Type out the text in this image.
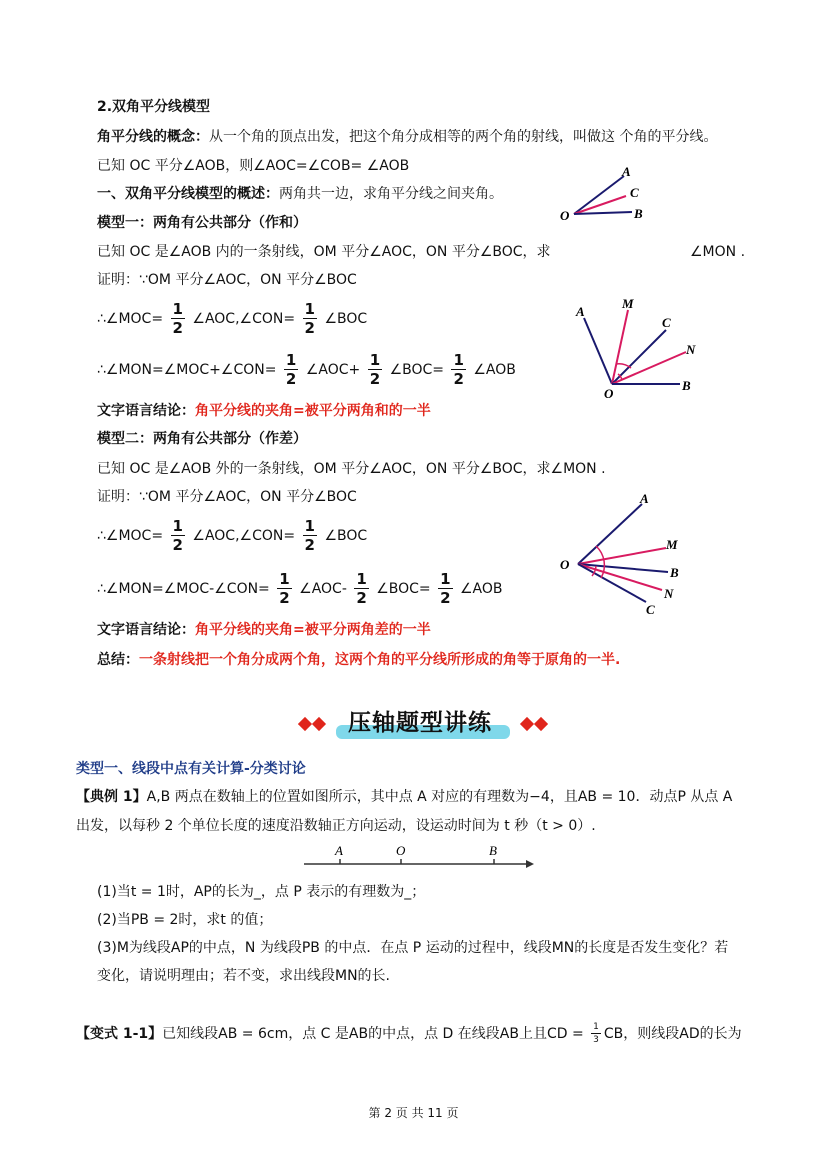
2.双角平分线模型
角平分线的概念：从一个角的顶点出发，把这个角分成相等的两个角的射线，叫做这 个角的平分线。
已知 OC 平分∠AOB，则∠AOC=∠COB= ∠AOB
一、双角平分线模型的概述：两角共一边，求角平分线之间夹角。
模型一：两角有公共部分（作和）
已知 OC 是∠AOB 内的一条射线，OM 平分∠AOC，ON 平分∠BOC，求	∠MON .
证明：∵OM 平分∠AOC，ON 平分∠BOC
∴∠MOC= $\frac{1}{2}$ ∠AOC,∠CON= $\frac{1}{2}$ ∠BOC
∴∠MON=∠MOC+∠CON= $\frac{1}{2}$ ∠AOC+ $\frac{1}{2}$ ∠BOC= $\frac{1}{2}$ ∠AOB
文字语言结论：角平分线的夹角=被平分两角和的一半
模型二：两角有公共部分（作差）
已知 OC 是∠AOB 外的一条射线，OM 平分∠AOC，ON 平分∠BOC，求∠MON .
证明：∵OM 平分∠AOC，ON 平分∠BOC
∴∠MOC= $\frac{1}{2}$ ∠AOC,∠CON= $\frac{1}{2}$ ∠BOC
∴∠MON=∠MOC-∠CON= $\frac{1}{2}$ ∠AOC- $\frac{1}{2}$ ∠BOC= $\frac{1}{2}$ ∠AOB
文字语言结论：角平分线的夹角=被平分两角差的一半
总结：一条射线把一个角分成两个角，这两个角的平分线所形成的角等于原角的一半.
O
A
C
B
O
A
M
C
N
B
O
A
M
B
N
C
压轴题型讲练
类型一、线段中点有关计算-分类讨论
【典例 1】A,B 两点在数轴上的位置如图所示，其中点 A 对应的有理数为−4，且AB = 10．动点P 从点 A
出发，以每秒 2 个单位长度的速度沿数轴正方向运动，设运动时间为 t 秒（t > 0）.
A	O	B
(1)当t = 1时，AP的长为_，点 P 表示的有理数为_；
(2)当PB = 2时，求t 的值；
(3)M为线段AP的中点，N 为线段PB 的中点．在点 P 运动的过程中，线段MN的长度是否发生变化？若
变化，请说明理由；若不变，求出线段MN的长.
【变式 1-1】已知线段AB = 6cm，点 C 是AB的中点，点 D 在线段AB上且CD = $\frac{1}{3}$ CB，则线段AD的长为
第 2 页 共 11 页
